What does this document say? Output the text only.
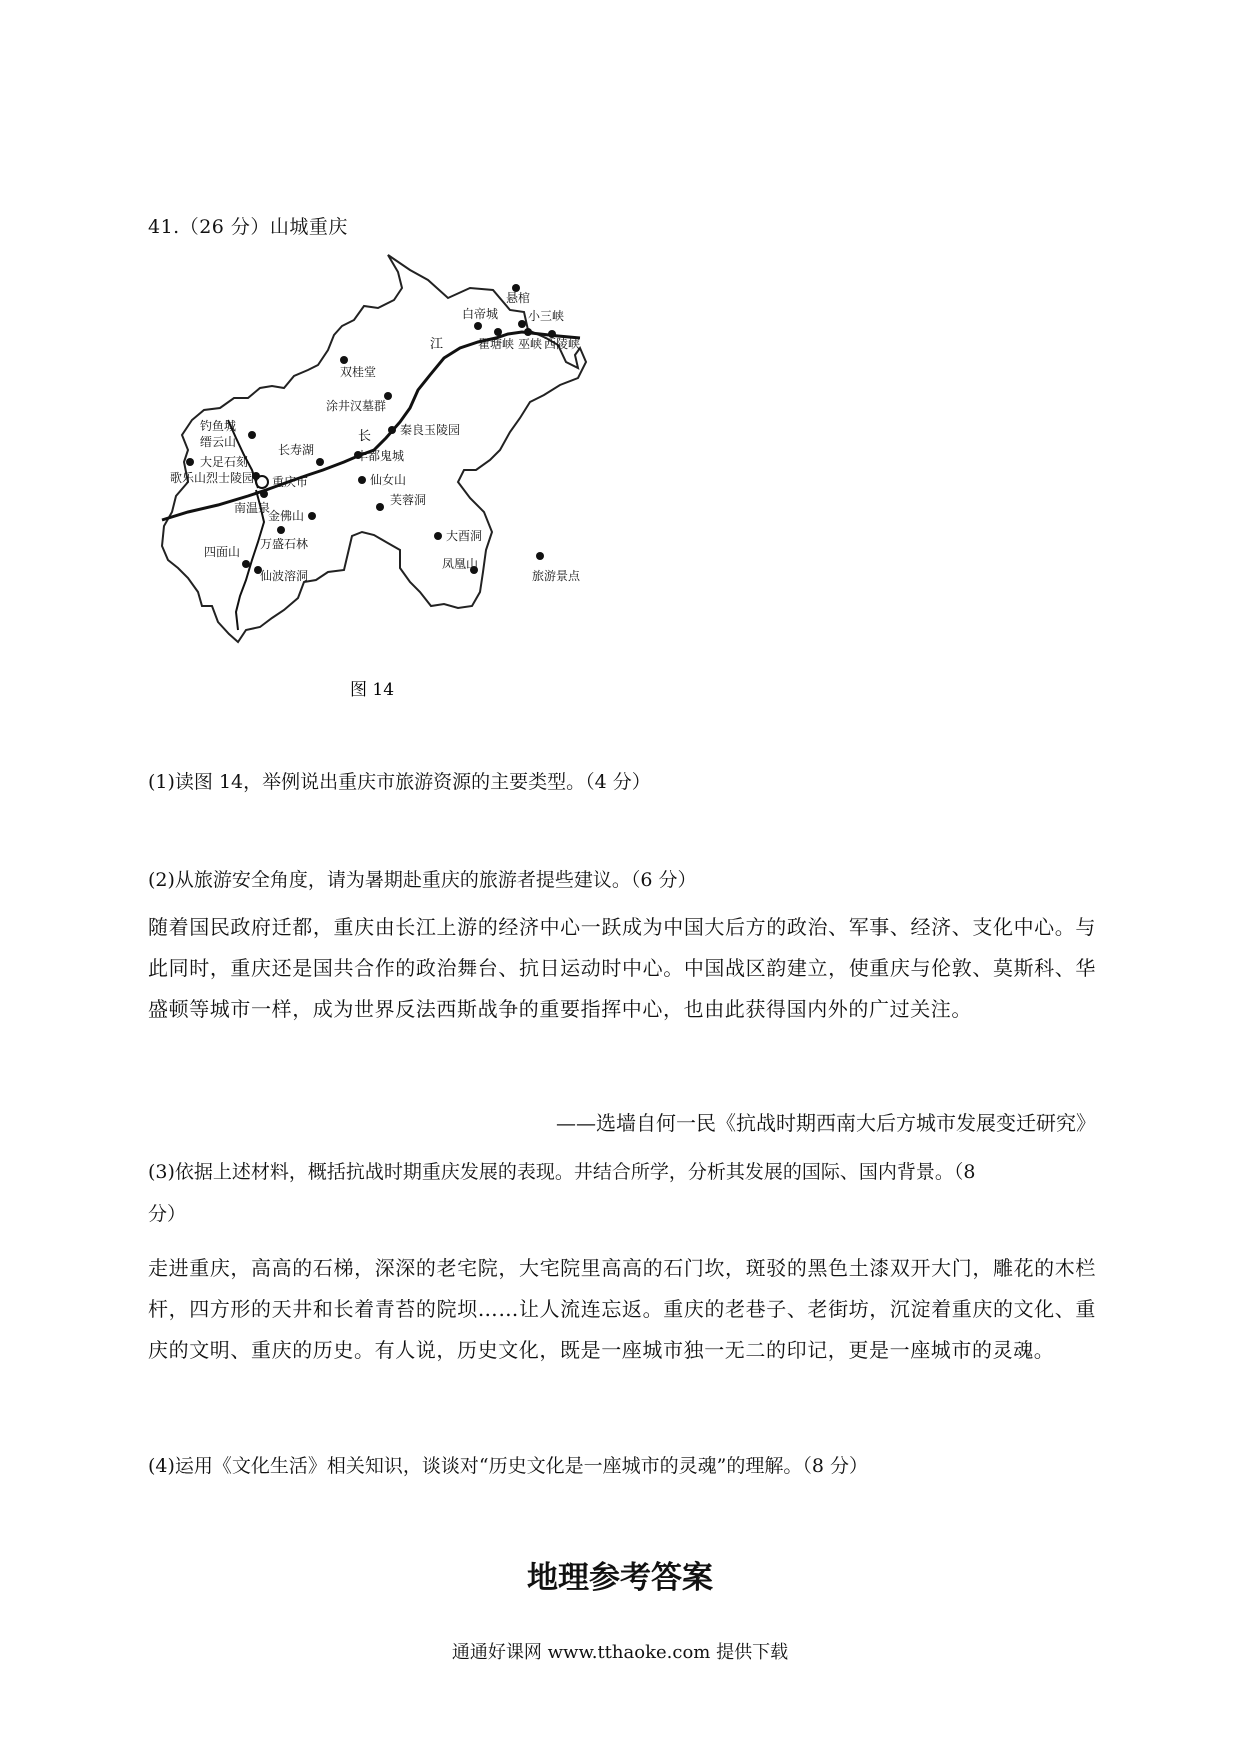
41.（26 分）山城重庆
江
长
悬棺
白帝城 小三峡
瞿塘峡 巫峡 西陵峡
双桂堂
涂井汉墓群
秦良玉陵园
长寿湖	丰都鬼城
钓鱼城
缙云山
大足石刻
歌乐山烈士陵园 重庆市
南温泉
仙女山
芙蓉洞
金佛山
万盛石林
大酉洞
四面山
仙波溶洞
凤凰山
旅游景点
图 14
(1)读图 14，举例说出重庆市旅游资源的主要类型。（4 分）
(2)从旅游安全角度，请为暑期赴重庆的旅游者提些建议。（6 分）
随着国民政府迁都，重庆由长江上游的经济中心一跃成为中国大后方的政治、军事、经济、支化中心。与此同时，重庆还是国共合作的政治舞台、抗日运动时中心。中国战区韵建立，使重庆与伦敦、莫斯科、华盛顿等城市一样，成为世界反法西斯战争的重要指挥中心，也由此获得国内外的广过关注。
——选墙自何一民《抗战时期西南大后方城市发展变迁研究》
(3)依据上述材料，概括抗战时期重庆发展的表现。井结合所学，分析其发展的国际、国内背景。（8
分）
走进重庆，高高的石梯，深深的老宅院，大宅院里高高的石门坎，斑驳的黑色土漆双开大门，雕花的木栏杆，四方形的天井和长着青苔的院坝……让人流连忘返。重庆的老巷子、老街坊，沉淀着重庆的文化、重庆的文明、重庆的历史。有人说，历史文化，既是一座城市独一无二的印记，更是一座城市的灵魂。
(4)运用《文化生活》相关知识，谈谈对“历史文化是一座城市的灵魂”的理解。（8 分）
地理参考答案
通通好课网 www.tthaoke.com 提供下载
